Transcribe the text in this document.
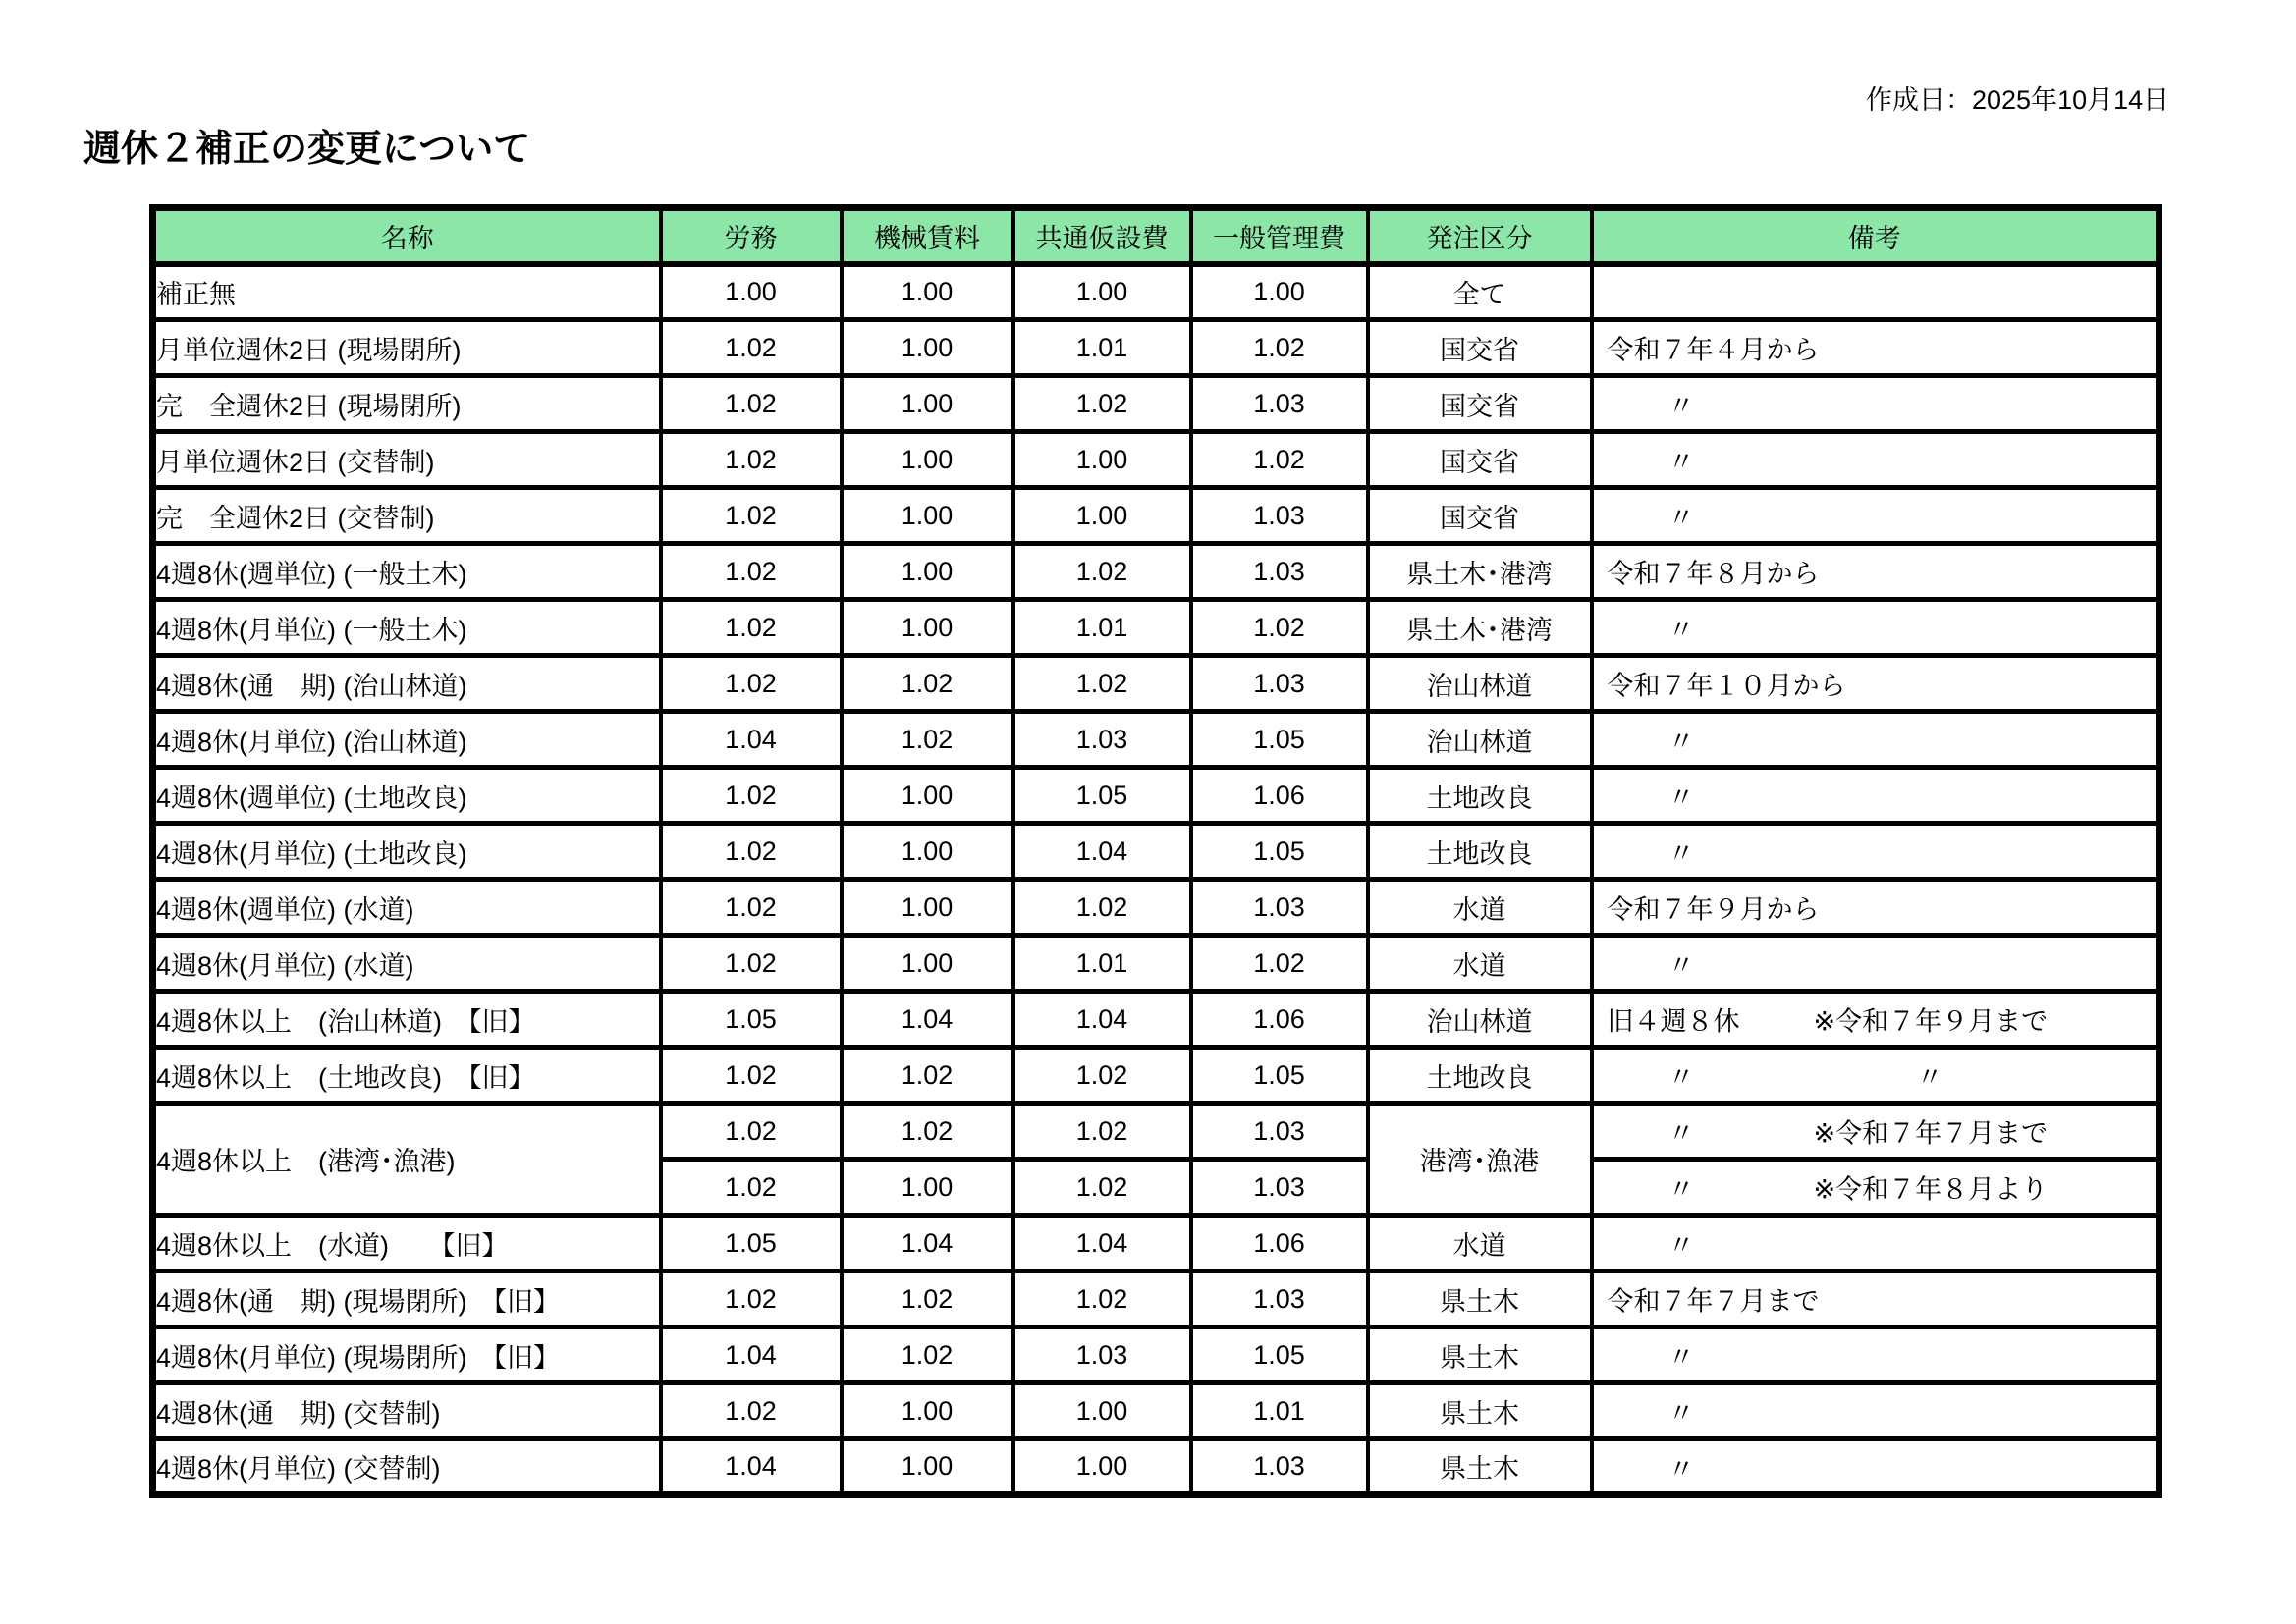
作成日：2025年10月14日
週休２補正の変更について
名称	労務	機械賃料	共通仮設費	一般管理費	発注区分	備考
補正無	1.00	1.00	1.00	1.00	全て	
月単位週休2日 (現場閉所)	1.02	1.00	1.01	1.02	国交省	令和７年４月から

完　全週休2日 (現場閉所)	1.02	1.00	1.02	1.03	国交省	〃

月単位週休2日 (交替制)	1.02	1.00	1.00	1.02	国交省	〃

完　全週休2日 (交替制)	1.02	1.00	1.00	1.03	国交省	〃

4週8休(週単位) (一般土木)	1.02	1.00	1.02	1.03	県土木･港湾	令和７年８月から

4週8休(月単位) (一般土木)	1.02	1.00	1.01	1.02	県土木･港湾	〃

4週8休(通　期) (治山林道)	1.02	1.02	1.02	1.03	治山林道	令和７年１０月から

4週8休(月単位) (治山林道)	1.04	1.02	1.03	1.05	治山林道	〃

4週8休(週単位) (土地改良)	1.02	1.00	1.05	1.06	土地改良	〃

4週8休(月単位) (土地改良)	1.02	1.00	1.04	1.05	土地改良	〃

4週8休(週単位) (水道)	1.02	1.00	1.02	1.03	水道	令和７年９月から

4週8休(月単位) (水道)	1.02	1.00	1.01	1.02	水道	〃

4週8休以上　(治山林道)　【旧】	1.05	1.04	1.04	1.06	治山林道	旧４週８休 ※令和７年９月まで

4週8休以上　(土地改良)　【旧】	1.02	1.02	1.02	1.05	土地改良	〃 〃

4週8休以上　(港湾･漁港)	1.02	1.02	1.02	1.03	港湾･漁港	〃 ※令和７年７月まで

	1.02	1.00	1.02	1.03		〃 ※令和７年８月より

4週8休以上　(水道)　　【旧】	1.05	1.04	1.04	1.06	水道	〃

4週8休(通　期) (現場閉所)　【旧】	1.02	1.02	1.02	1.03	県土木	令和７年７月まで

4週8休(月単位) (現場閉所)　【旧】	1.04	1.02	1.03	1.05	県土木	〃

4週8休(通　期) (交替制)	1.02	1.00	1.00	1.01	県土木	〃

4週8休(月単位) (交替制)	1.04	1.00	1.00	1.03	県土木	〃
